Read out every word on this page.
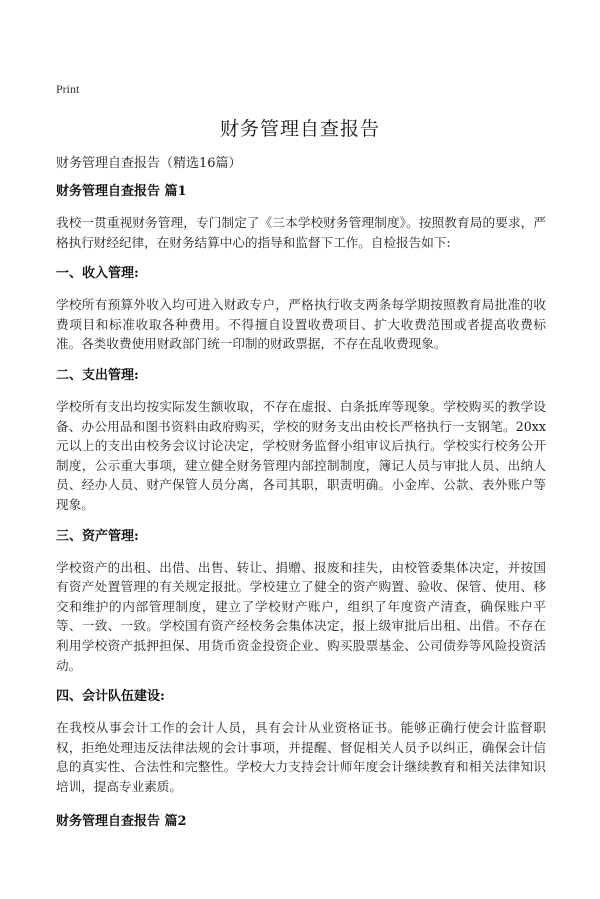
Print
财务管理自查报告
财务管理自查报告（精选16篇）
财务管理自查报告 篇1

我校一贯重视财务管理，专门制定了《三本学校财务管理制度》。按照教育局的要求，严格执行财经纪律，在财务结算中心的指导和监督下工作。自检报告如下:

一、收入管理:

学校所有预算外收入均可进入财政专户，严格执行收支两条每学期按照教育局批准的收费项目和标准收取各种费用。不得擅自设置收费项目、扩大收费范围或者提高收费标准。各类收费使用财政部门统一印制的财政票据，不存在乱收费现象。

二、支出管理:

学校所有支出均按实际发生额收取，不存在虚报、白条抵库等现象。学校购买的教学设备、办公用品和图书资料由政府购买，学校的财务支出由校长严格执行一支钢笔。20xx元以上的支出由校务会议讨论决定，学校财务监督小组审议后执行。学校实行校务公开制度，公示重大事项，建立健全财务管理内部控制制度，簿记人员与审批人员、出纳人员、经办人员、财产保管人员分离，各司其职，职责明确。小金库、公款、表外账户等现象。

三、资产管理:

学校资产的出租、出借、出售、转让、捐赠、报废和挂失，由校管委集体决定，并按国有资产处置管理的有关规定报批。学校建立了健全的资产购置、验收、保管、使用、移交和维护的内部管理制度，建立了学校财产账户，组织了年度资产清查，确保账户平等、一致、一致。学校国有资产经校务会集体决定，报上级审批后出租、出借。不存在利用学校资产抵押担保、用货币资金投资企业、购买股票基金、公司债券等风险投资活动。

四、会计队伍建设:

在我校从事会计工作的会计人员，具有会计从业资格证书。能够正确行使会计监督职权，拒绝处理违反法律法规的会计事项，并提醒、督促相关人员予以纠正，确保会计信息的真实性、合法性和完整性。学校大力支持会计师年度会计继续教育和相关法律知识培训，提高专业素质。

财务管理自查报告 篇2
